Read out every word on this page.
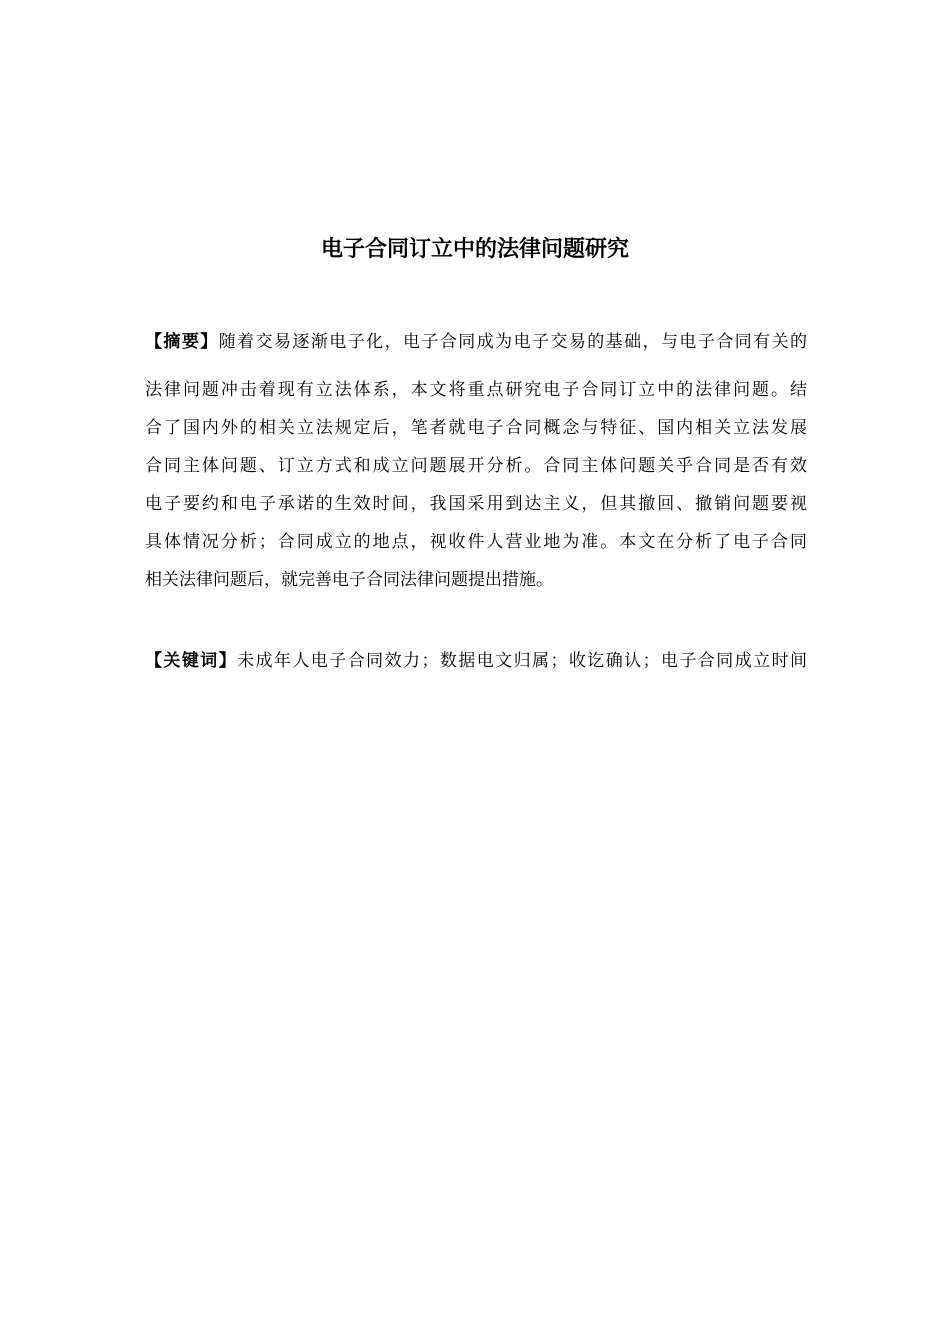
电子合同订立中的法律问题研究
【摘要】随着交易逐渐电子化，电子合同成为电子交易的基础，与电子合同有关的
法律问题冲击着现有立法体系，本文将重点研究电子合同订立中的法律问题。结
合了国内外的相关立法规定后，笔者就电子合同概念与特征、国内相关立法发展
合同主体问题、订立方式和成立问题展开分析。合同主体问题关乎合同是否有效
电子要约和电子承诺的生效时间，我国采用到达主义，但其撤回、撤销问题要视
具体情况分析；合同成立的地点，视收件人营业地为准。本文在分析了电子合同
相关法律问题后，就完善电子合同法律问题提出措施。
【关键词】未成年人电子合同效力；数据电文归属；收讫确认；电子合同成立时间
